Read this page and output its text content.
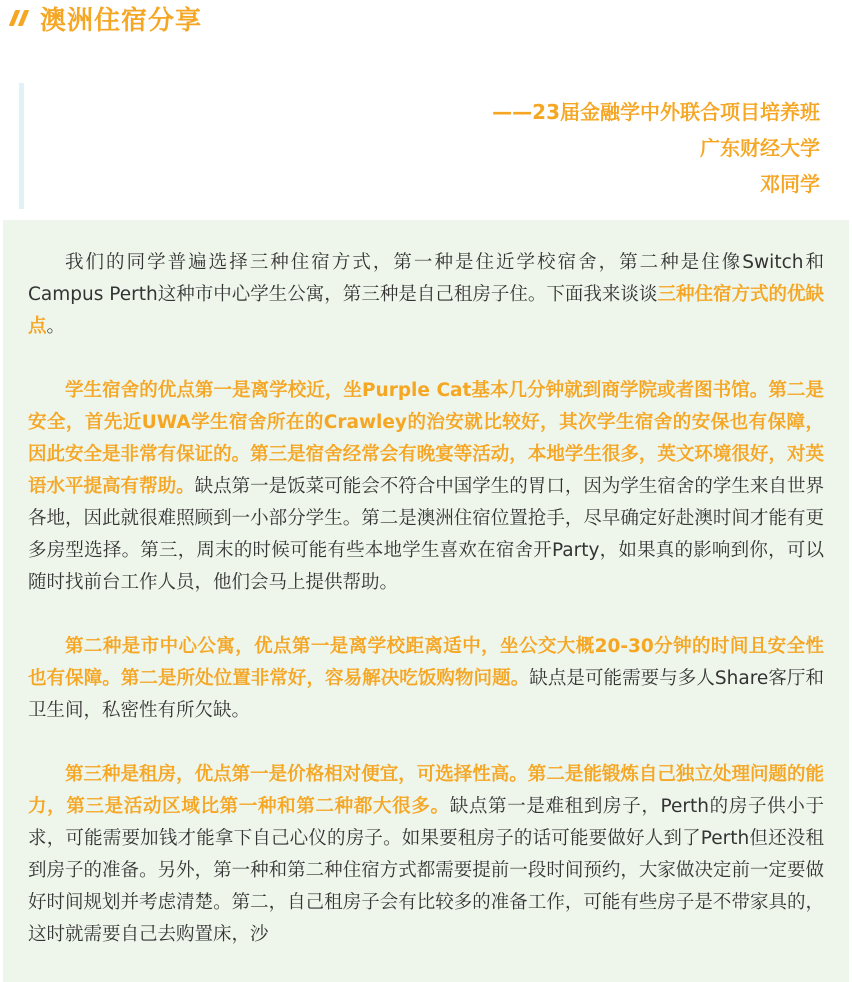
澳洲住宿分享
——23届金融学中外联合项目培养班
广东财经大学
邓同学

我们的同学普遍选择三种住宿方式，第一种是住近学校宿舍，第二种是住像Switch和Campus Perth这种市中心学生公寓，第三种是自己租房子住。下面我来谈谈三种住宿方式的优缺点。

学生宿舍的优点第一是离学校近，坐Purple Cat基本几分钟就到商学院或者图书馆。第二是安全，首先近UWA学生宿舍所在的Crawley的治安就比较好，其次学生宿舍的安保也有保障，因此安全是非常有保证的。第三是宿舍经常会有晚宴等活动，本地学生很多，英文环境很好，对英语水平提高有帮助。缺点第一是饭菜可能会不符合中国学生的胃口，因为学生宿舍的学生来自世界各地，因此就很难照顾到一小部分学生。第二是澳洲住宿位置抢手，尽早确定好赴澳时间才能有更多房型选择。第三，周末的时候可能有些本地学生喜欢在宿舍开Party，如果真的影响到你，可以随时找前台工作人员，他们会马上提供帮助。

第二种是市中心公寓，优点第一是离学校距离适中，坐公交大概20-30分钟的时间且安全性也有保障。第二是所处位置非常好，容易解决吃饭购物问题。缺点是可能需要与多人Share客厅和卫生间，私密性有所欠缺。

第三种是租房，优点第一是价格相对便宜，可选择性高。第二是能锻炼自己独立处理问题的能力，第三是活动区域比第一种和第二种都大很多。缺点第一是难租到房子，Perth的房子供小于求，可能需要加钱才能拿下自己心仪的房子。如果要租房子的话可能要做好人到了Perth但还没租到房子的准备。另外，第一种和第二种住宿方式都需要提前一段时间预约，大家做决定前一定要做好时间规划并考虑清楚。第二，自己租房子会有比较多的准备工作，可能有些房子是不带家具的，这时就需要自己去购置床，沙
